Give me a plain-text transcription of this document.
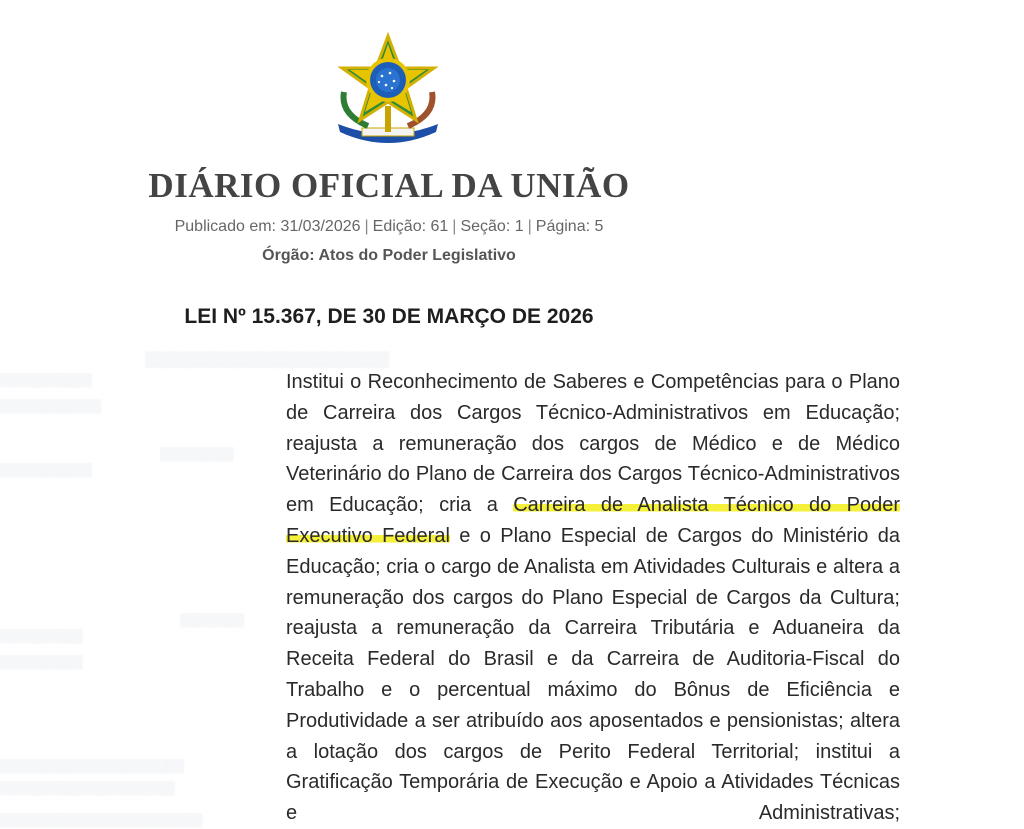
▒▒▒▒▒▒▒▒▒▒▒▒▒▒▒▒▒▒▒▒▒▒▒
▒▒▒▒▒▒▒▒▒▒
▒▒▒▒▒▒▒▒▒▒▒
▒▒▒▒▒▒▒▒▒▒
▒▒▒▒▒▒▒▒
▒▒▒▒▒▒▒
▒▒▒▒▒▒▒▒▒
▒▒▒▒▒▒▒▒▒
▒▒▒▒▒▒▒▒▒▒▒▒▒▒▒▒▒▒▒▒
▒▒▒▒▒▒▒▒▒▒▒▒▒▒▒▒▒▒▒
▒▒▒▒▒▒▒▒▒▒▒▒▒▒▒▒▒▒▒▒▒▒
DIÁRIO OFICIAL DA UNIÃO
Publicado em: 31/03/2026 | Edição: 61 | Seção: 1 | Página: 5
Órgão: Atos do Poder Legislativo
LEI Nº 15.367, DE 30 DE MARÇO DE 2026
Institui o Reconhecimento de Saberes e Competências para o Plano de Carreira dos Cargos Técnico-Administrativos em Educação; reajusta a remuneração dos cargos de Médico e de Médico Veterinário do Plano de Carreira dos Cargos Técnico-Administrativos em Educação; cria a Carreira de Analista Técnico do Poder Executivo Federal e o Plano Especial de Cargos do Ministério da Educação; cria o cargo de Analista em Atividades Culturais e altera a remuneração dos cargos do Plano Especial de Cargos da Cultura; reajusta a remuneração da Carreira Tributária e Aduaneira da Receita Federal do Brasil e da Carreira de Auditoria-Fiscal do Trabalho e o percentual máximo do Bônus de Eficiência e Produtividade a ser atribuído aos aposentados e pensionistas; altera a lotação dos cargos de Perito Federal Territorial; institui a Gratificação Temporária de Execução e Apoio a Atividades Técnicas e Administrativas;
